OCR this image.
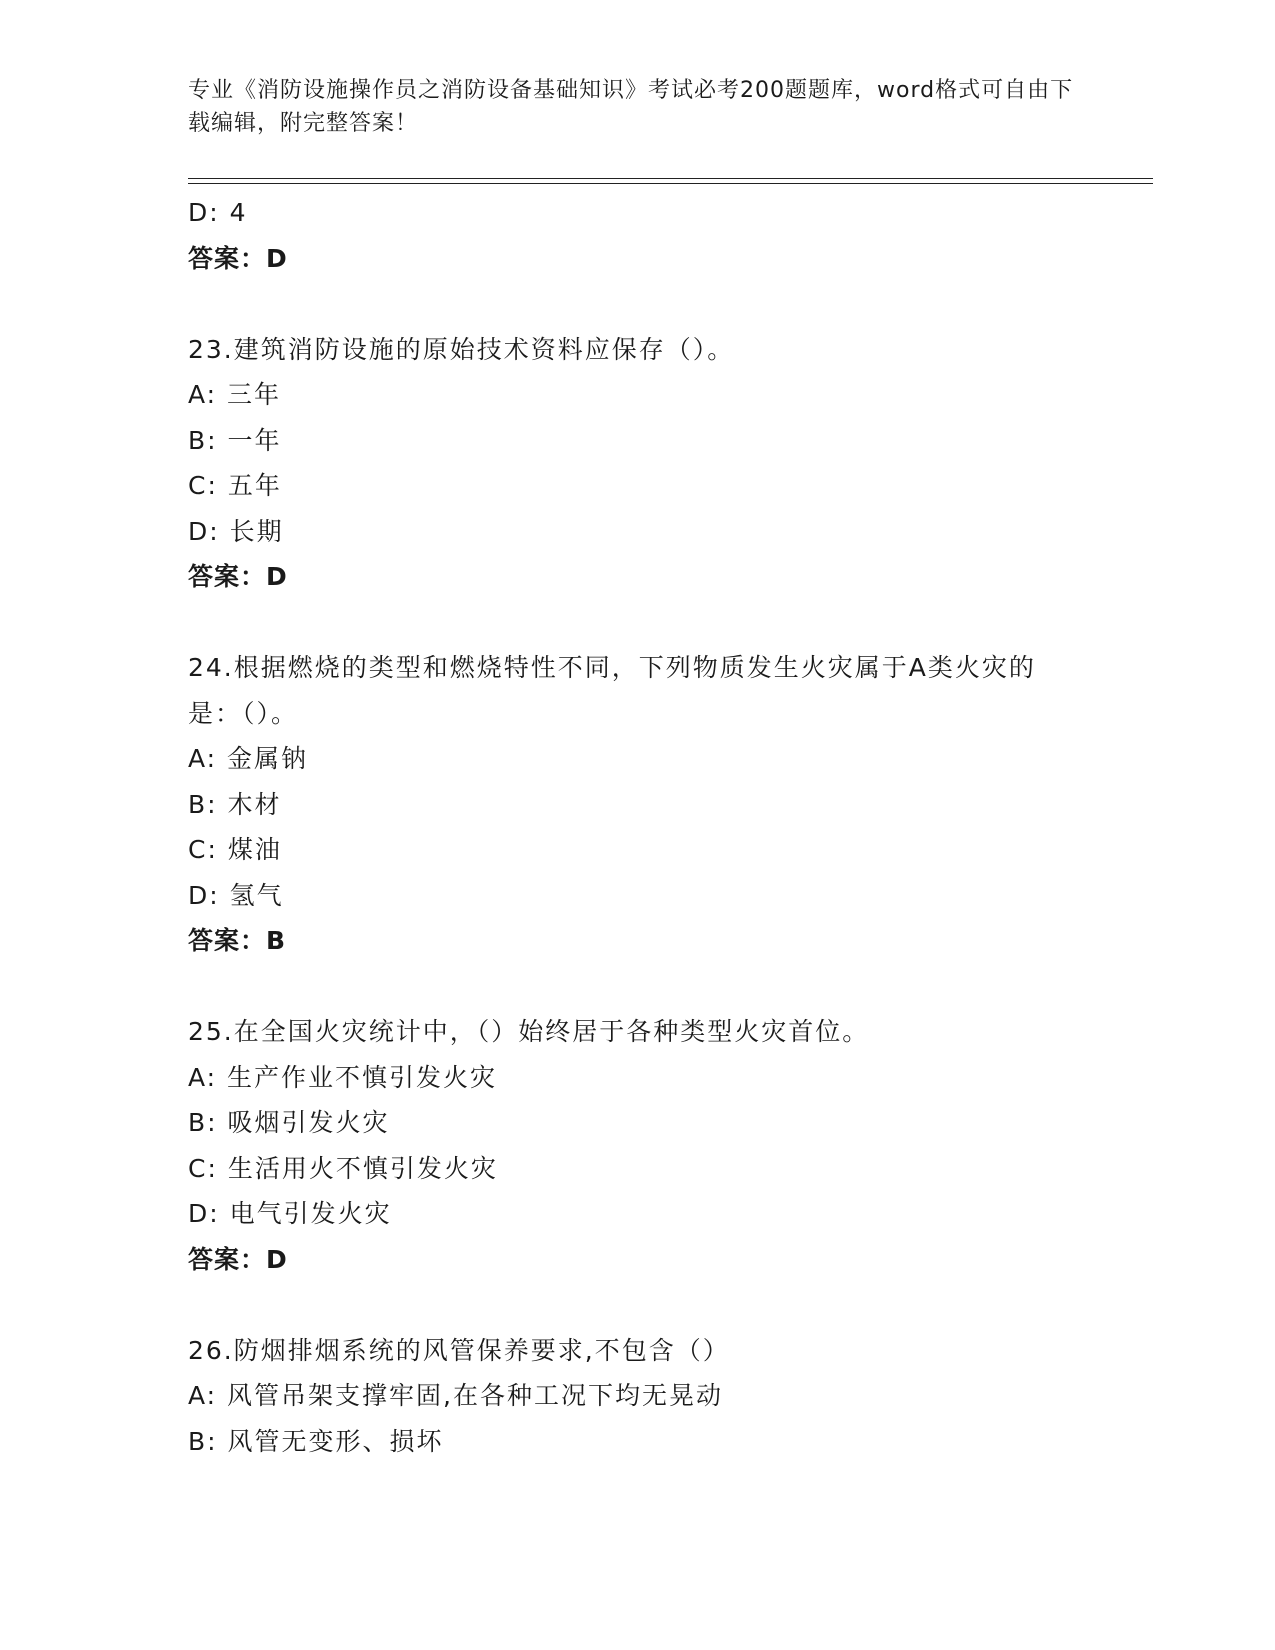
专业《消防设施操作员之消防设备基础知识》考试必考200题题库，word格式可自由下载编辑，附完整答案！
D: 4
答案：D
23.建筑消防设施的原始技术资料应保存（）。
A: 三年
B: 一年
C: 五年
D: 长期
答案：D
24.根据燃烧的类型和燃烧特性不同，下列物质发生火灾属于A类火灾的是：（）。
A: 金属钠
B: 木材
C: 煤油
D: 氢气
答案：B
25.在全国火灾统计中，（）始终居于各种类型火灾首位。
A: 生产作业不慎引发火灾
B: 吸烟引发火灾
C: 生活用火不慎引发火灾
D: 电气引发火灾
答案：D
26.防烟排烟系统的风管保养要求,不包含（）
A: 风管吊架支撑牢固,在各种工况下均无晃动
B: 风管无变形、损坏
